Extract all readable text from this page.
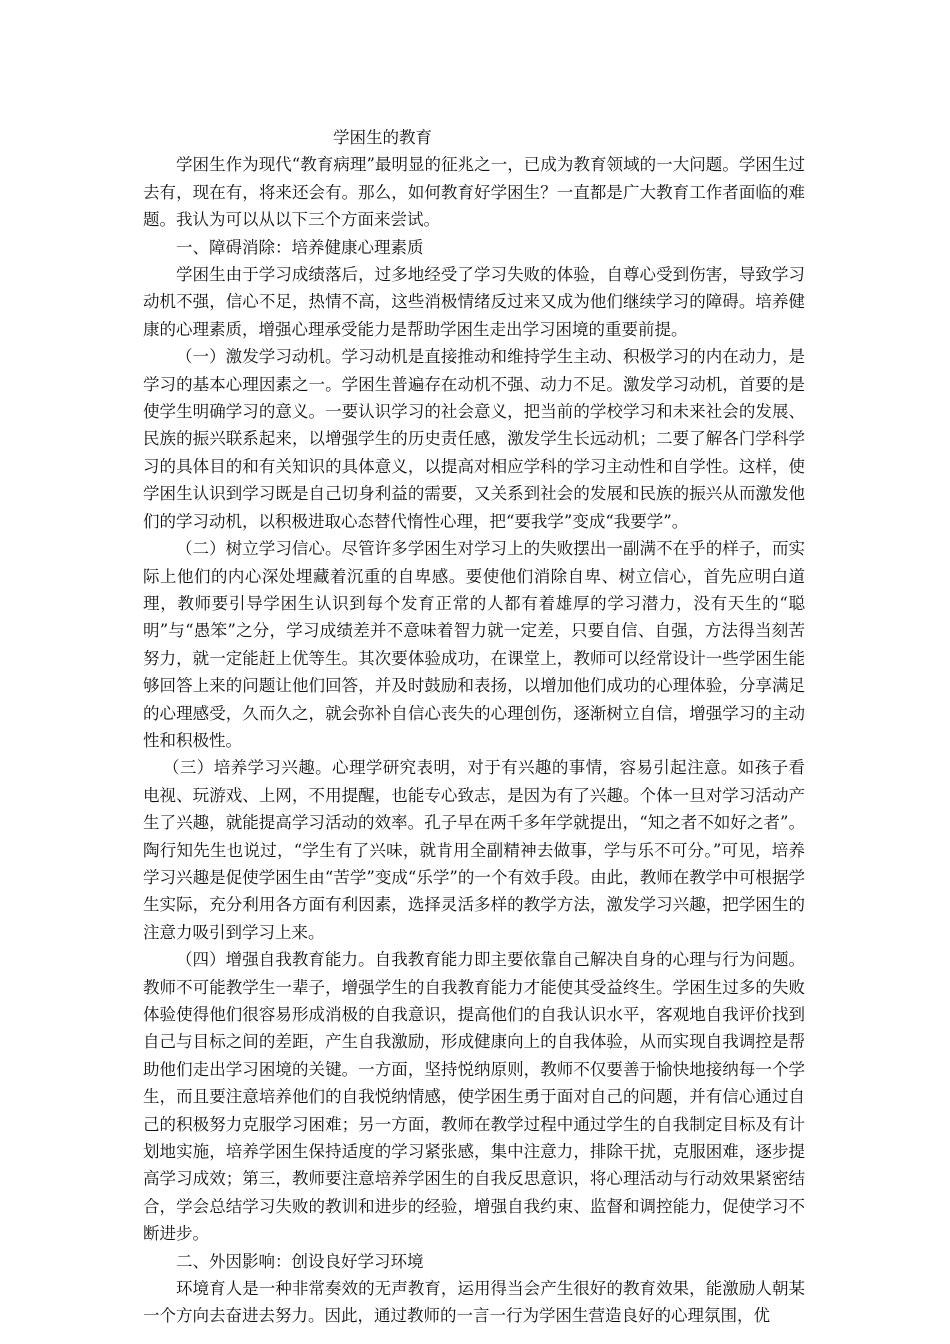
学困生的教育

学困生作为现代“教育病理”最明显的征兆之一，已成为教育领域的一大问题。学困生过去有，现在有，将来还会有。那么，如何教育好学困生？一直都是广大教育工作者面临的难题。我认为可以从以下三个方面来尝试。

一、障碍消除：培养健康心理素质

学困生由于学习成绩落后，过多地经受了学习失败的体验，自尊心受到伤害，导致学习动机不强，信心不足，热情不高，这些消极情绪反过来又成为他们继续学习的障碍。培养健康的心理素质，增强心理承受能力是帮助学困生走出学习困境的重要前提。

（一）激发学习动机。学习动机是直接推动和维持学生主动、积极学习的内在动力，是学习的基本心理因素之一。学困生普遍存在动机不强、动力不足。激发学习动机，首要的是使学生明确学习的意义。一要认识学习的社会意义，把当前的学校学习和未来社会的发展、民族的振兴联系起来，以增强学生的历史责任感，激发学生长远动机；二要了解各门学科学习的具体目的和有关知识的具体意义，以提高对相应学科的学习主动性和自学性。这样，使学困生认识到学习既是自己切身利益的需要，又关系到社会的发展和民族的振兴从而激发他们的学习动机，以积极进取心态替代惰性心理，把“要我学”变成“我要学”。

（二）树立学习信心。尽管许多学困生对学习上的失败摆出一副满不在乎的样子，而实际上他们的内心深处埋藏着沉重的自卑感。要使他们消除自卑、树立信心，首先应明白道理，教师要引导学困生认识到每个发育正常的人都有着雄厚的学习潜力，没有天生的“聪明”与“愚笨”之分，学习成绩差并不意味着智力就一定差，只要自信、自强，方法得当刻苦努力，就一定能赶上优等生。其次要体验成功，在课堂上，教师可以经常设计一些学困生能够回答上来的问题让他们回答，并及时鼓励和表扬，以增加他们成功的心理体验，分享满足的心理感受，久而久之，就会弥补自信心丧失的心理创伤，逐渐树立自信，增强学习的主动性和积极性。

（三）培养学习兴趣。心理学研究表明，对于有兴趣的事情，容易引起注意。如孩子看电视、玩游戏、上网，不用提醒，也能专心致志，是因为有了兴趣。个体一旦对学习活动产生了兴趣，就能提高学习活动的效率。孔子早在两千多年学就提出，“知之者不如好之者”。陶行知先生也说过，“学生有了兴味，就肯用全副精神去做事，学与乐不可分。”可见，培养学习兴趣是促使学困生由“苦学”变成“乐学”的一个有效手段。由此，教师在教学中可根据学生实际，充分利用各方面有利因素，选择灵活多样的教学方法，激发学习兴趣，把学困生的注意力吸引到学习上来。

（四）增强自我教育能力。自我教育能力即主要依靠自己解决自身的心理与行为问题。教师不可能教学生一辈子，增强学生的自我教育能力才能使其受益终生。学困生过多的失败体验使得他们很容易形成消极的自我意识，提高他们的自我认识水平，客观地自我评价找到自己与目标之间的差距，产生自我激励，形成健康向上的自我体验，从而实现自我调控是帮助他们走出学习困境的关键。一方面，坚持悦纳原则，教师不仅要善于愉快地接纳每一个学生，而且要注意培养他们的自我悦纳情感，使学困生勇于面对自己的问题，并有信心通过自己的积极努力克服学习困难；另一方面，教师在教学过程中通过学生的自我制定目标及有计划地实施，培养学困生保持适度的学习紧张感，集中注意力，排除干扰，克服困难，逐步提高学习成效；第三，教师要注意培养学困生的自我反思意识，将心理活动与行动效果紧密结合，学会总结学习失败的教训和进步的经验，增强自我约束、监督和调控能力，促使学习不断进步。

二、外因影响：创设良好学习环境

环境育人是一种非常奏效的无声教育，运用得当会产生很好的教育效果，能激励人朝某一个方向去奋进去努力。因此，通过教师的一言一行为学困生营造良好的心理氛围，优
